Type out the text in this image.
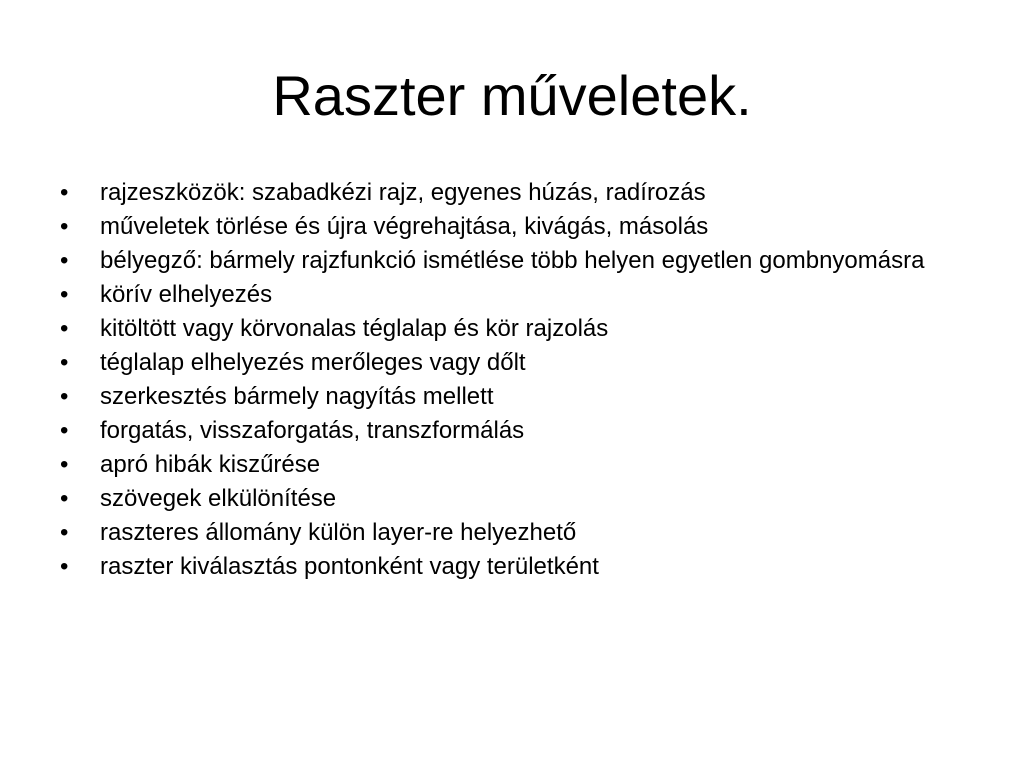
Raszter műveletek.
•	rajzeszközök: szabadkézi rajz, egyenes húzás, radírozás
•	műveletek törlése és újra végrehajtása, kivágás, másolás
•	bélyegző: bármely rajzfunkció ismétlése több helyen egyetlen gombnyomásra
•	körív elhelyezés
•	kitöltött vagy körvonalas téglalap és kör rajzolás
•	téglalap elhelyezés merőleges vagy dőlt
•	szerkesztés bármely nagyítás mellett
•	forgatás, visszaforgatás, transzformálás
•	apró hibák kiszűrése
•	szövegek elkülönítése
•	raszteres állomány külön layer-re helyezhető
•	raszter kiválasztás pontonként vagy területként
